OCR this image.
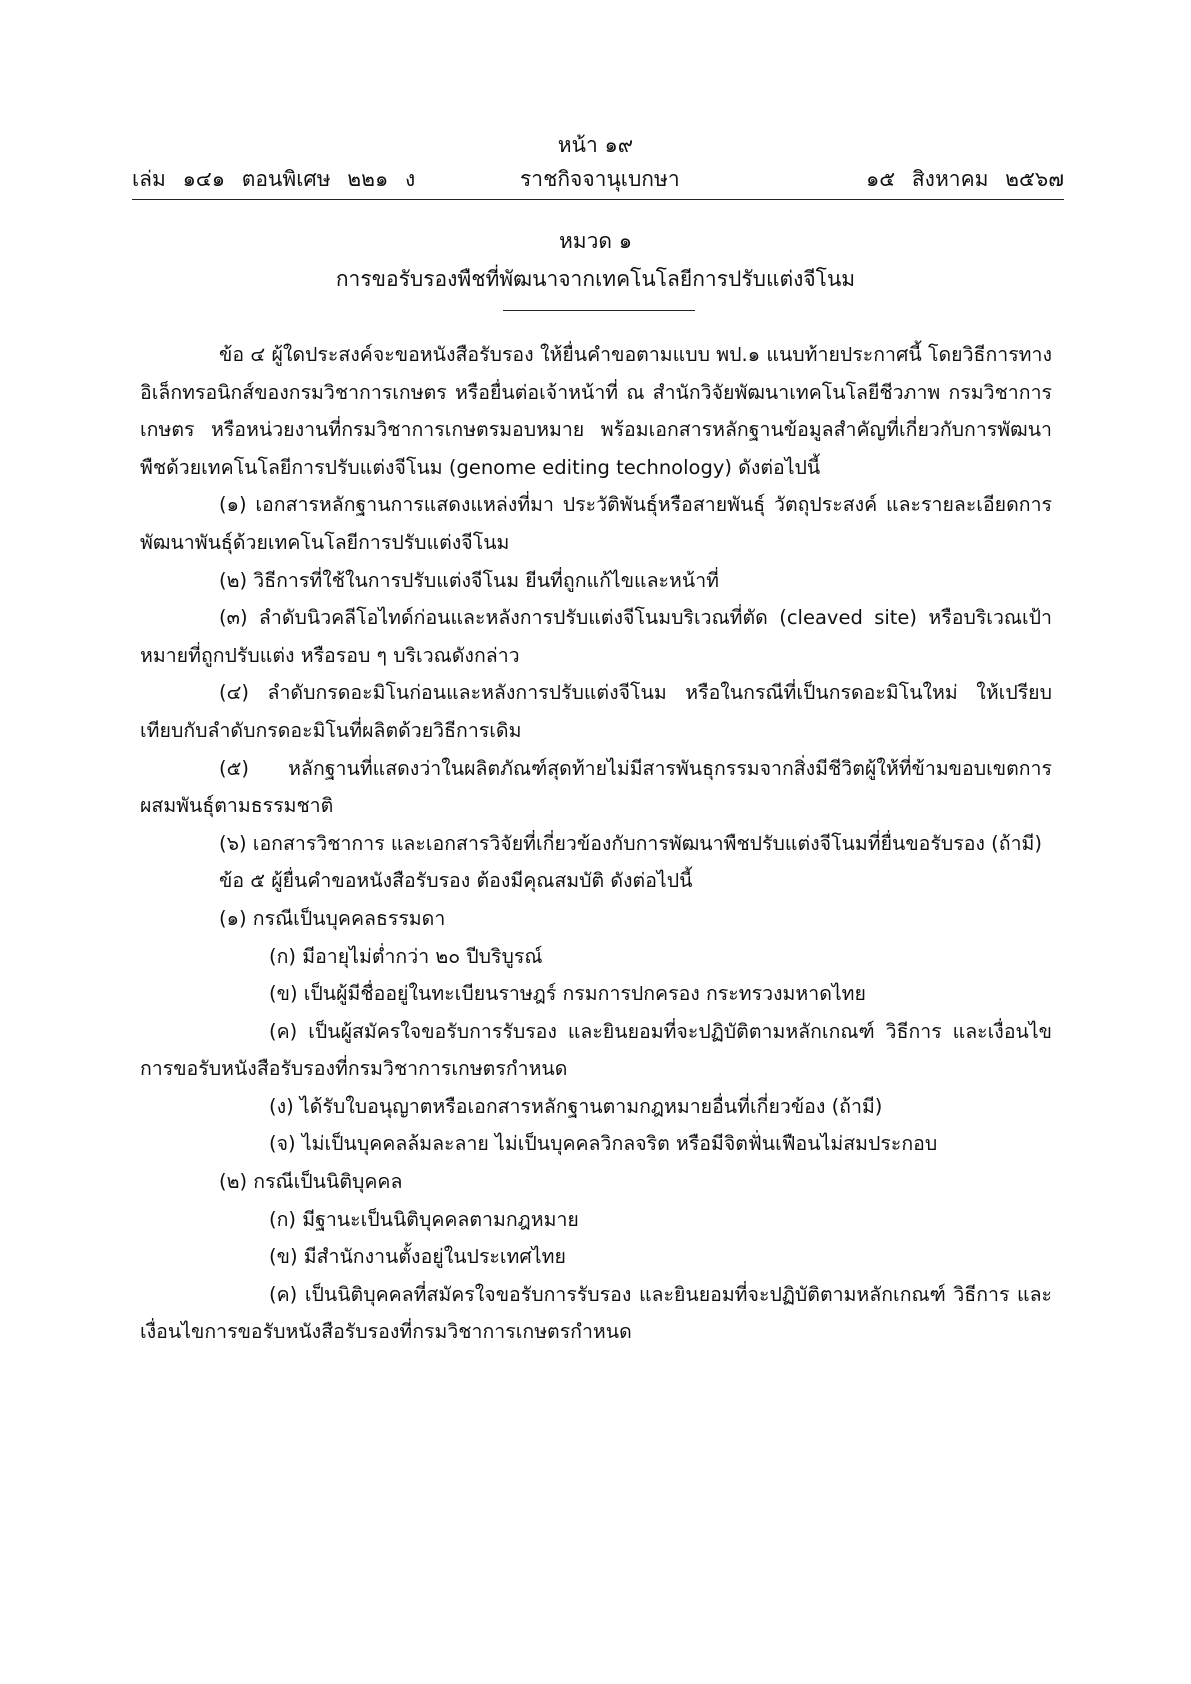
หน้า ๑๙
เล่ม ๑๔๑ ตอนพิเศษ ๒๒๑ ง	ราชกิจจานุเบกษา	๑๕ สิงหาคม ๒๕๖๗
หมวด ๑
การขอรับรองพืชที่พัฒนาจากเทคโนโลยีการปรับแต่งจีโนม

ข้อ ๔ ผู้ใดประสงค์จะขอหนังสือรับรอง ให้ยื่นคำขอตามแบบ พป.๑ แนบท้ายประกาศนี้ โดยวิธีการทางอิเล็กทรอนิกส์ของกรมวิชาการเกษตร หรือยื่นต่อเจ้าหน้าที่ ณ สำนักวิจัยพัฒนาเทคโนโลยีชีวภาพ กรมวิชาการเกษตร หรือหน่วยงานที่กรมวิชาการเกษตรมอบหมาย พร้อมเอกสารหลักฐานข้อมูลสำคัญที่เกี่ยวกับการพัฒนาพืชด้วยเทคโนโลยีการปรับแต่งจีโนม (genome editing technology) ดังต่อไปนี้

(๑) เอกสารหลักฐานการแสดงแหล่งที่มา ประวัติพันธุ์หรือสายพันธุ์ วัตถุประสงค์ และรายละเอียดการพัฒนาพันธุ์ด้วยเทคโนโลยีการปรับแต่งจีโนม

(๒) วิธีการที่ใช้ในการปรับแต่งจีโนม ยีนที่ถูกแก้ไขและหน้าที่

(๓) ลำดับนิวคลีโอไทด์ก่อนและหลังการปรับแต่งจีโนมบริเวณที่ตัด (cleaved site) หรือบริเวณเป้าหมายที่ถูกปรับแต่ง หรือรอบ ๆ บริเวณดังกล่าว

(๔) ลำดับกรดอะมิโนก่อนและหลังการปรับแต่งจีโนม หรือในกรณีที่เป็นกรดอะมิโนใหม่ ให้เปรียบเทียบกับลำดับกรดอะมิโนที่ผลิตด้วยวิธีการเดิม

(๕) หลักฐานที่แสดงว่าในผลิตภัณฑ์สุดท้ายไม่มีสารพันธุกรรมจากสิ่งมีชีวิตผู้ให้ที่ข้ามขอบเขตการผสมพันธุ์ตามธรรมชาติ

(๖) เอกสารวิชาการ และเอกสารวิจัยที่เกี่ยวข้องกับการพัฒนาพืชปรับแต่งจีโนมที่ยื่นขอรับรอง (ถ้ามี)

ข้อ ๕ ผู้ยื่นคำขอหนังสือรับรอง ต้องมีคุณสมบัติ ดังต่อไปนี้

(๑) กรณีเป็นบุคคลธรรมดา

(ก) มีอายุไม่ต่ำกว่า ๒๐ ปีบริบูรณ์

(ข) เป็นผู้มีชื่ออยู่ในทะเบียนราษฎร์ กรมการปกครอง กระทรวงมหาดไทย

(ค) เป็นผู้สมัครใจขอรับการรับรอง และยินยอมที่จะปฏิบัติตามหลักเกณฑ์ วิธีการ และเงื่อนไขการขอรับหนังสือรับรองที่กรมวิชาการเกษตรกำหนด

(ง) ได้รับใบอนุญาตหรือเอกสารหลักฐานตามกฎหมายอื่นที่เกี่ยวข้อง (ถ้ามี)

(จ) ไม่เป็นบุคคลล้มละลาย ไม่เป็นบุคคลวิกลจริต หรือมีจิตฟั่นเฟือนไม่สมประกอบ

(๒) กรณีเป็นนิติบุคคล

(ก) มีฐานะเป็นนิติบุคคลตามกฎหมาย

(ข) มีสำนักงานตั้งอยู่ในประเทศไทย

(ค) เป็นนิติบุคคลที่สมัครใจขอรับการรับรอง และยินยอมที่จะปฏิบัติตามหลักเกณฑ์ วิธีการ และเงื่อนไขการขอรับหนังสือรับรองที่กรมวิชาการเกษตรกำหนด
